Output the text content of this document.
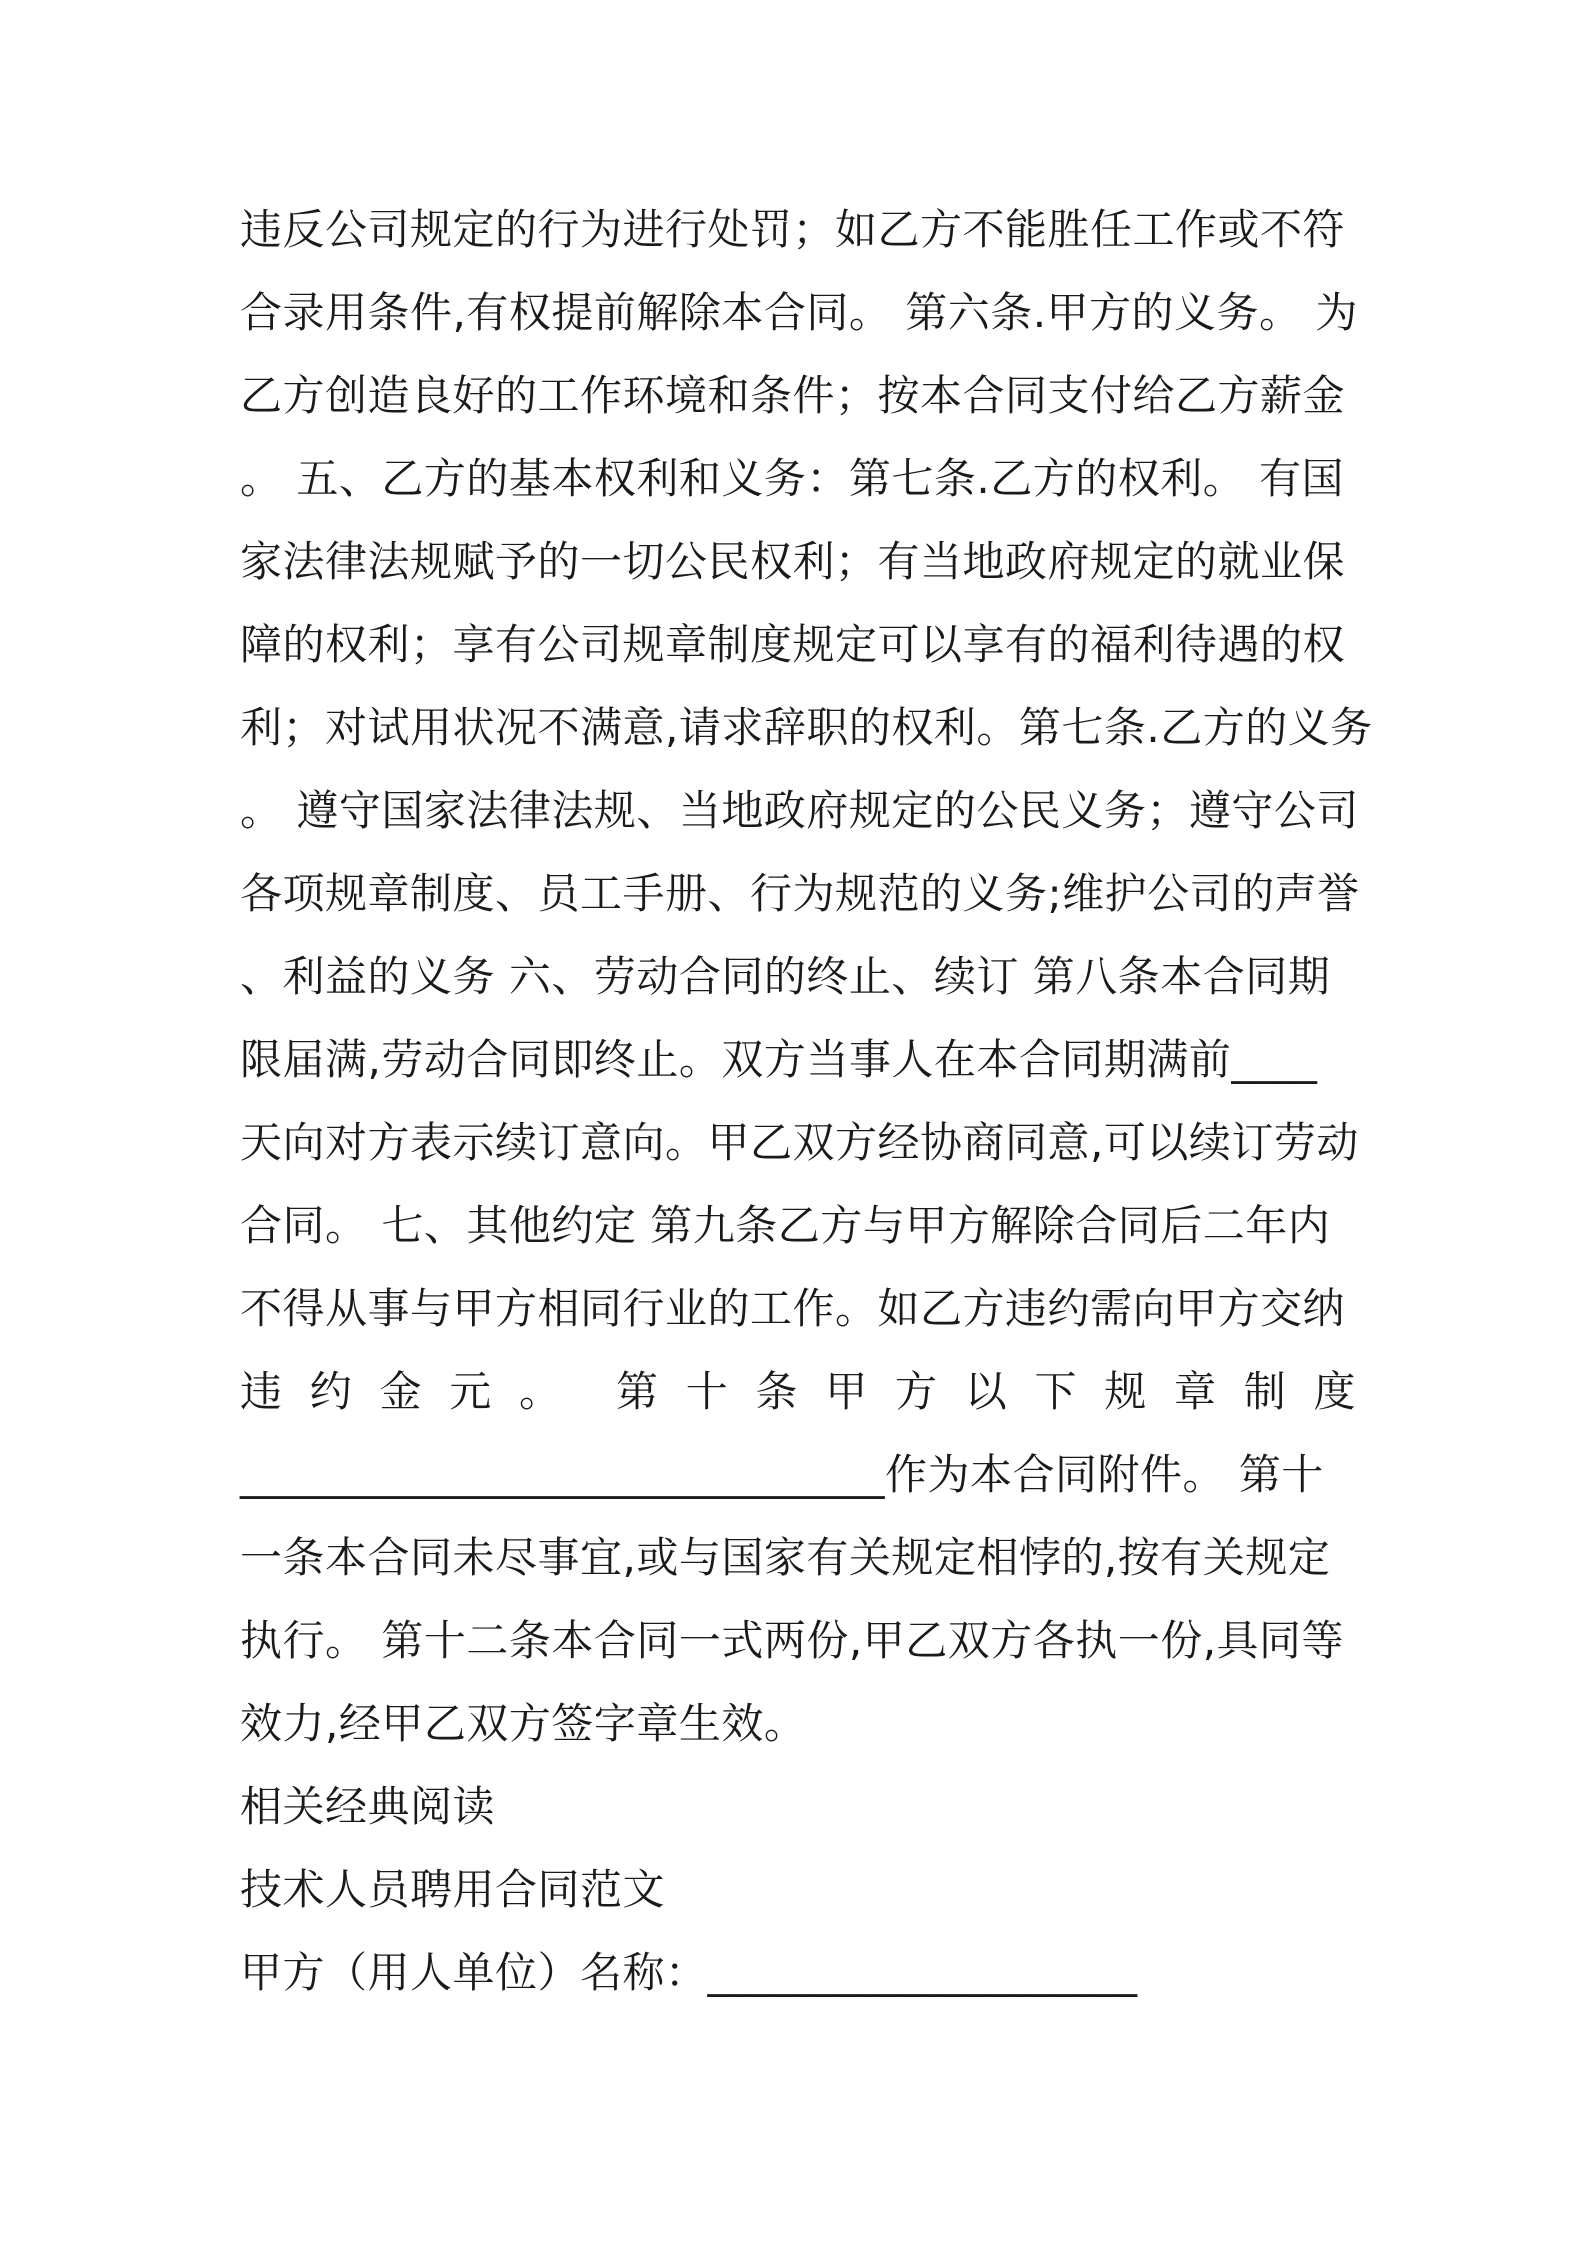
违反公司规定的行为进行处罚；如乙方不能胜任工作或不符
合录用条件,有权提前解除本合同。 第六条.甲方的义务。 为
乙方创造良好的工作环境和条件；按本合同支付给乙方薪金
。 五、乙方的基本权利和义务：第七条.乙方的权利。 有国
家法律法规赋予的一切公民权利；有当地政府规定的就业保
障的权利；享有公司规章制度规定可以享有的福利待遇的权
利；对试用状况不满意,请求辞职的权利。第七条.乙方的义务
。 遵守国家法律法规、当地政府规定的公民义务；遵守公司
各项规章制度、员工手册、行为规范的义务;维护公司的声誉
、利益的义务 六、劳动合同的终止、续订 第八条本合同期
限届满,劳动合同即终止。双方当事人在本合同期满前____
天向对方表示续订意向。甲乙双方经协商同意,可以续订劳动
合同。 七、其他约定 第九条乙方与甲方解除合同后二年内
不得从事与甲方相同行业的工作。如乙方违约需向甲方交纳
违 约 金 元 。 第 十 条 甲 方 以 下 规 章 制 度
______________________________作为本合同附件。 第十
一条本合同未尽事宜,或与国家有关规定相悖的,按有关规定
执行。 第十二条本合同一式两份,甲乙双方各执一份,具同等
效力,经甲乙双方签字章生效。
相关经典阅读
技术人员聘用合同范文
甲方（用人单位）名称：____________________
